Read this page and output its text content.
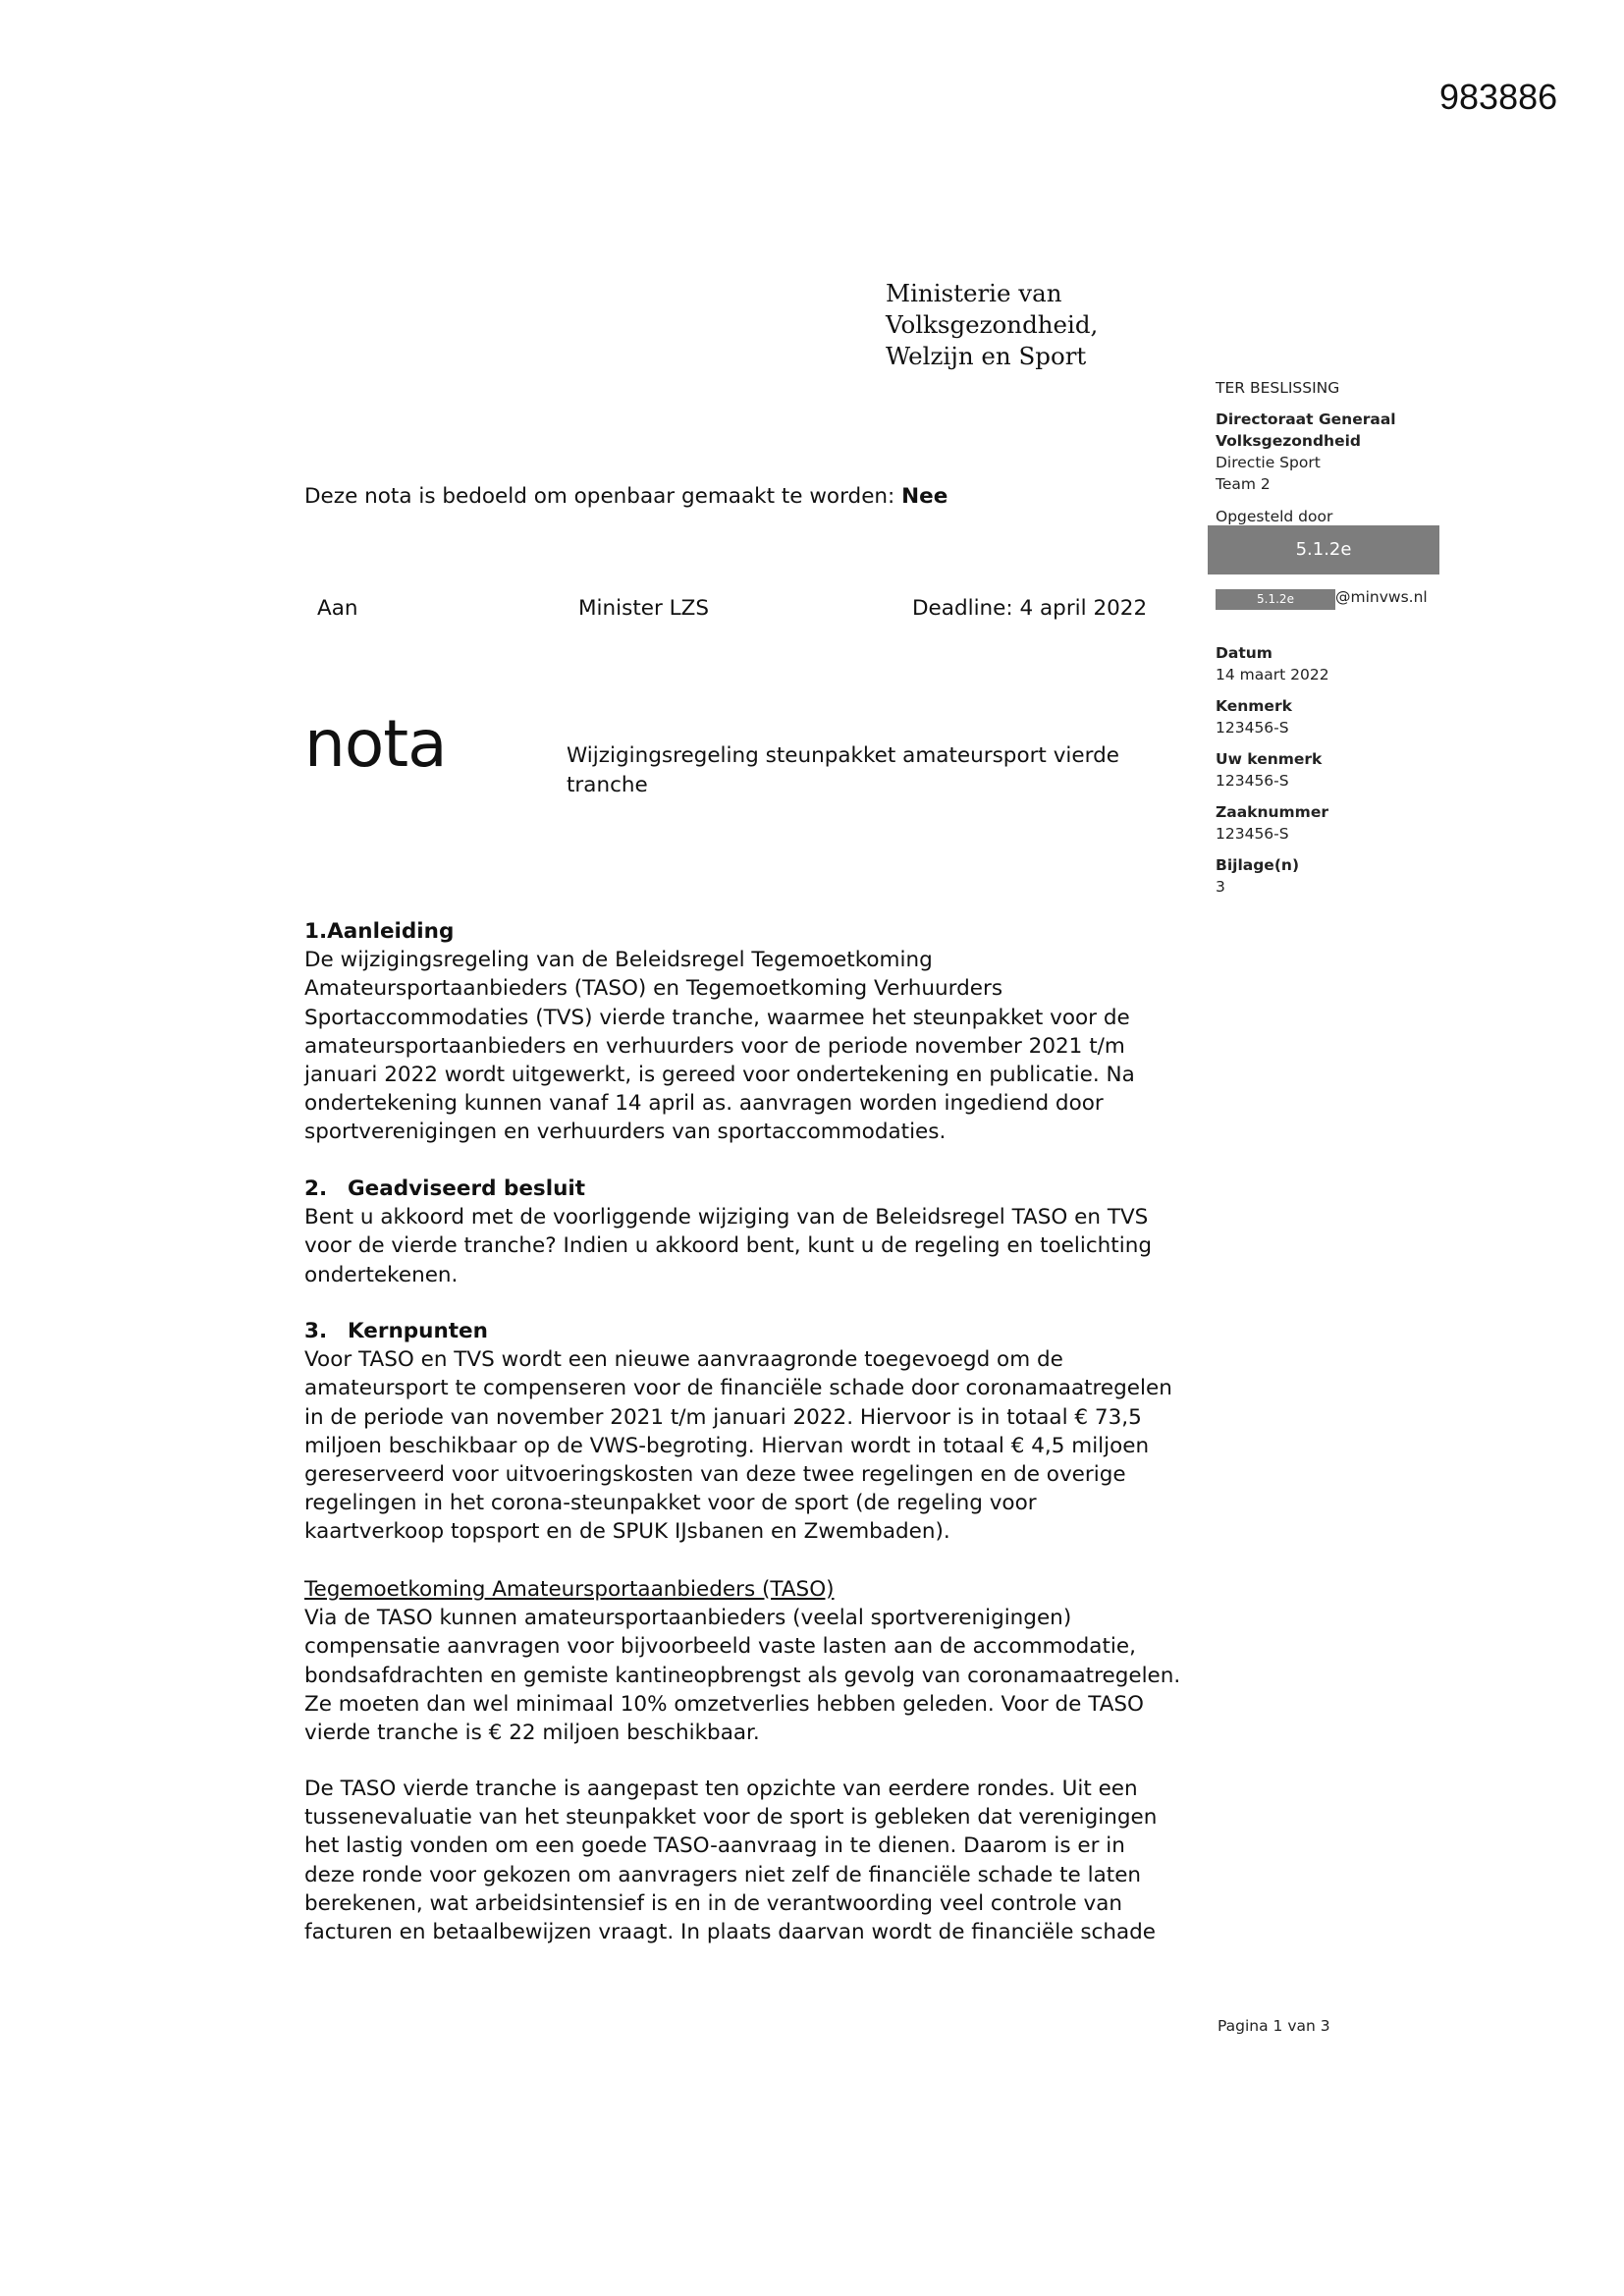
983886
Ministerie van Volksgezondheid,
Welzijn en Sport
TER BESLISSING
Directoraat Generaal
Volksgezondheid
Directie Sport
Team 2
Opgesteld door
5.1.2e
5.1.2e	@minvws.nl
Datum
14 maart 2022
Kenmerk
123456-S
Uw kenmerk
123456-S
Zaaknummer
123456-S
Bijlage(n)
3
Deze nota is bedoeld om openbaar gemaakt te worden: Nee
Aan	Minister LZS	Deadline: 4 april 2022
nota	Wijzigingsregeling steunpakket amateursport vierde
tranche
1.Aanleiding
De wijzigingsregeling van de Beleidsregel Tegemoetkoming
Amateursportaanbieders (TASO) en Tegemoetkoming Verhuurders
Sportaccommodaties (TVS) vierde tranche, waarmee het steunpakket voor de
amateursportaanbieders en verhuurders voor de periode november 2021 t/m
januari 2022 wordt uitgewerkt, is gereed voor ondertekening en publicatie. Na
ondertekening kunnen vanaf 14 april as. aanvragen worden ingediend door
sportverenigingen en verhuurders van sportaccommodaties.
2. Geadviseerd besluit
Bent u akkoord met de voorliggende wijziging van de Beleidsregel TASO en TVS
voor de vierde tranche? Indien u akkoord bent, kunt u de regeling en toelichting
ondertekenen.
3. Kernpunten
Voor TASO en TVS wordt een nieuwe aanvraagronde toegevoegd om de
amateursport te compenseren voor de financiële schade door coronamaatregelen
in de periode van november 2021 t/m januari 2022. Hiervoor is in totaal € 73,5
miljoen beschikbaar op de VWS-begroting. Hiervan wordt in totaal € 4,5 miljoen
gereserveerd voor uitvoeringskosten van deze twee regelingen en de overige
regelingen in het corona-steunpakket voor de sport (de regeling voor
kaartverkoop topsport en de SPUK IJsbanen en Zwembaden).
Tegemoetkoming Amateursportaanbieders (TASO)
Via de TASO kunnen amateursportaanbieders (veelal sportverenigingen)
compensatie aanvragen voor bijvoorbeeld vaste lasten aan de accommodatie,
bondsafdrachten en gemiste kantineopbrengst als gevolg van coronamaatregelen.
Ze moeten dan wel minimaal 10% omzetverlies hebben geleden. Voor de TASO
vierde tranche is € 22 miljoen beschikbaar.
De TASO vierde tranche is aangepast ten opzichte van eerdere rondes. Uit een
tussenevaluatie van het steunpakket voor de sport is gebleken dat verenigingen
het lastig vonden om een goede TASO-aanvraag in te dienen. Daarom is er in
deze ronde voor gekozen om aanvragers niet zelf de financiële schade te laten
berekenen, wat arbeidsintensief is en in de verantwoording veel controle van
facturen en betaalbewijzen vraagt. In plaats daarvan wordt de financiële schade
Pagina 1 van 3
